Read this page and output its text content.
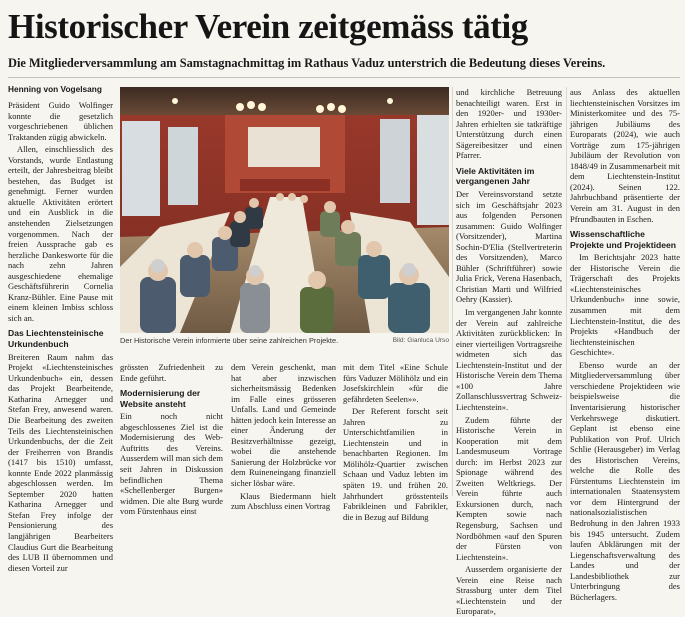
Historischer Verein zeitgemäss tätig
Die Mitgliederversammlung am Samstagnachmittag im Rathaus Vaduz unterstrich die Bedeutung dieses Vereins.
Henning von Vogelsang

Präsident Guido Wolfinger konnte die gesetzlich vorgeschriebenen üblichen Traktanden zügig abwickeln.

Allen, einschliesslich des Vorstands, wurde Entlastung erteilt, der Jahresbeitrag bleibt bestehen, das Budget ist genehmigt. Ferner wurden aktuelle Aktivitäten erörtert und ein Ausblick in die anstehenden Zielsetzungen vorgenommen. Nach der freien Aussprache gab es herzliche Dankesworte für die nach zehn Jahren ausgeschiedene ehemalige Geschäftsführerin Cornelia Kranz-Bühler. Eine Pause mit einem kleinen Imbiss schloss sich an.

Das Liechtensteinische Urkundenbuch

Breiteren Raum nahm das Projekt «Liechtensteinisches Urkundenbuch» ein, dessen das Projekt Bearbeitende, Katharina Arnegger und Stefan Frey, anwesend waren. Die Bearbeitung des zweiten Teils des Liechtensteinischen Urkundenbuchs, der die Zeit der Freiherren von Brandis (1417 bis 1510) umfasst, konnte Ende 2022 planmässig abgeschlossen werden. Im September 2020 hatten Katharina Arnegger und Stefan Frey infolge der Pensionierung des langjährigen Bearbeiters Claudius Gurt die Bearbeitung des LUB II übernommen und diesen Vorteil zur

Der Historische Verein informierte über seine zahlreichen Projekte.	Bild: Gianluca Urso

grössten Zufriedenheit zu Ende geführt.

Modernisierung der Website ansteht

Ein noch nicht abgeschlossenes Ziel ist die Modernisierung des Web-Auftritts des Vereins. Ausserdem will man sich dem seit Jahren in Diskussion befindlichen Thema «Schellenberger Burgen» widmen. Die alte Burg wurde vom Fürstenhaus einst

dem Verein geschenkt, man hat aber inzwischen sicherheitsmässig Bedenken im Falle eines grösseren Unfalls. Land und Gemeinde hätten jedoch kein Interesse an einer Änderung der Besitzverhältnisse gezeigt, wobei die anstehende Sanierung der Holzbrücke vor dem Ruineneingang finanziell sicher lösbar wäre.

Klaus Biedermann hielt zum Abschluss einen Vortrag

mit dem Titel «Eine Schule fürs Vaduzer Mölihölz und ein Josefskirchlein «für die gefährdeten Seelen»».

Der Referent forscht seit Jahren zu Unterschichtfamilien in Liechtenstein und in benachbarten Regionen. Im Mölihölz-Quartier zwischen Schaan und Vaduz lebten im späten 19. und frühen 20. Jahrhundert grösstenteils Fabrikleinen und Fabrikler, die in Bezug auf Bildung

und kirchliche Betreuung benachteiligt waren. Erst in den 1920er- und 1930er-Jahren erhielten sie tatkräftige Unterstützung durch einen Sägereibesitzer und einen Pfarrer.

Viele Aktivitäten im vergangenen Jahr

Der Vereinsvorstand setzte sich im Geschäftsjahr 2023 aus folgenden Personen zusammen: Guido Wolfinger (Vorsitzender), Martina Sochin-D'Elia (Stellvertreterin des Vorsitzenden), Marco Bühler (Schriftführer) sowie Julia Frick, Verena Hasenbach, Christian Marti und Wilfried Oehry (Kassier).

Im vergangenen Jahr konnte der Verein auf zahlreiche Aktivitäten zurückblicken: In einer vierteiligen Vortragsreihe widmeten sich das Liechtenstein-Institut und der Historische Verein dem Thema «100 Jahre Zollanschlussvertrag Schweiz-Liechtenstein».

Zudem führte der Historische Verein in Kooperation mit dem Landesmuseum Vortrage durch: im Herbst 2023 zur Spionage während des Zweiten Weltkriegs. Der Verein führte auch Exkursionen durch, nach Kempten sowie nach Regensburg, Sachsen und Nordböhmen «auf den Spuren der Fürsten von Liechtenstein».

Ausserdem organisierte der Verein eine Reise nach Strassburg unter dem Titel «Liechtenstein und der Europarat»,

aus Anlass des aktuellen liechtensteinischen Vorsitzes im Ministerkomitee und des 75-jährigen Jubiläums des Europarats (2024), wie auch Vorträge zum 175-jährigen Jubiläum der Revolution von 1848/49 in Zusammenarbeit mit dem Liechtenstein-Institut (2024). Seinen 122. Jahrbuchband präsentierte der Verein am 31. August in den Pfrundbauten in Eschen.

Wissenschaftliche Projekte und Projektideen

Im Berichtsjahr 2023 hatte der Historische Verein die Trägerschaft des Projekts «Liechtensteinisches Urkundenbuch» inne sowie, zusammen mit dem Liechtenstein-Institut, die des Projekts «Handbuch der liechtensteinischen Geschichte».

Ebenso wurde an der Mitgliederversammlung über verschiedene Projektideen wie beispielsweise die Inventarisierung historischer Verkehrswege diskutiert. Geplant ist ebenso eine Publikation von Prof. Ulrich Schlie (Herausgeber) im Verlag des Historischen Vereins, welche die Rolle des Fürstentums Liechtenstein im internationalen Staatensystem vor dem Hintergrund der nationalsozialistischen Bedrohung in den Jahren 1933 bis 1945 untersucht. Zudem laufen Abklärungen mit der Liegenschaftsverwaltung des Landes und der Landesbibliothek zur Unterbringung des Bücherlagers.
